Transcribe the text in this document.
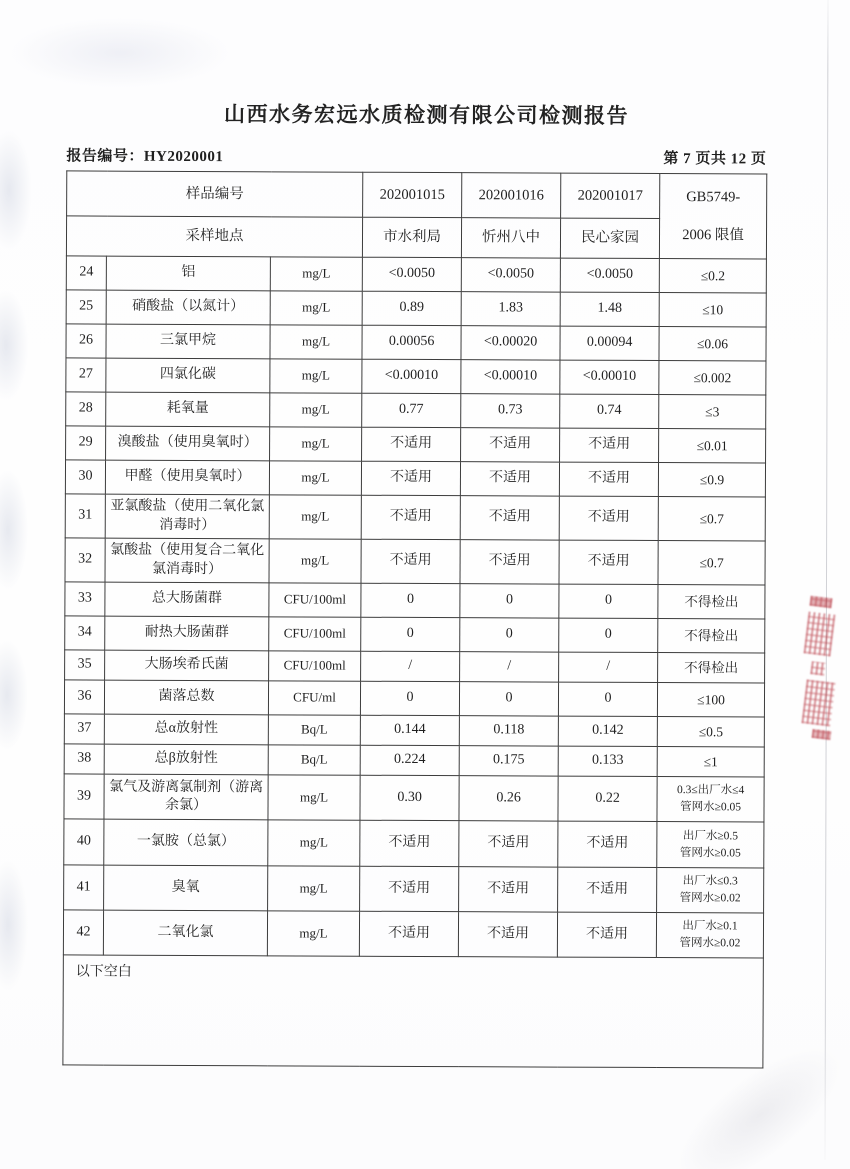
山西水务宏远水质检测有限公司检测报告
报告编号：HY2020001	第 7 页共 12 页
样品编号			202001015	202001016	202001017	GB5749-
2006 限值

采样地点			市水利局	忻州八中	民心家园	
24	铝	mg/L	<0.0050	<0.0050	<0.0050	≤0.2
25	硝酸盐（以氮计）	mg/L	0.89	1.83	1.48	≤10
26	三氯甲烷	mg/L	0.00056	<0.00020	0.00094	≤0.06
27	四氯化碳	mg/L	<0.00010	<0.00010	<0.00010	≤0.002
28	耗氧量	mg/L	0.77	0.73	0.74	≤3
29	溴酸盐（使用臭氧时）	mg/L	不适用	不适用	不适用	≤0.01
30	甲醛（使用臭氧时）	mg/L	不适用	不适用	不适用	≤0.9
31	亚氯酸盐（使用二氧化氯消毒时）	mg/L	不适用	不适用	不适用	≤0.7
32	氯酸盐（使用复合二氧化氯消毒时）	mg/L	不适用	不适用	不适用	≤0.7
33	总大肠菌群	CFU/100ml	0	0	0	不得检出
34	耐热大肠菌群	CFU/100ml	0	0	0	不得检出
35	大肠埃希氏菌	CFU/100ml	/	/	/	不得检出
36	菌落总数	CFU/ml	0	0	0	≤100
37	总α放射性	Bq/L	0.144	0.118	0.142	≤0.5
38	总β放射性	Bq/L	0.224	0.175	0.133	≤1
39	氯气及游离氯制剂（游离余氯）	mg/L	0.30	0.26	0.22	0.3≤出厂水≤4
管网水≥0.05
40	一氯胺（总氯）	mg/L	不适用	不适用	不适用	出厂水≥0.5
管网水≥0.05
41	臭氧	mg/L	不适用	不适用	不适用	出厂水≤0.3
管网水≥0.02
42	二氧化氯	mg/L	不适用	不适用	不适用	出厂水≥0.1
管网水≥0.02
以下空白						
